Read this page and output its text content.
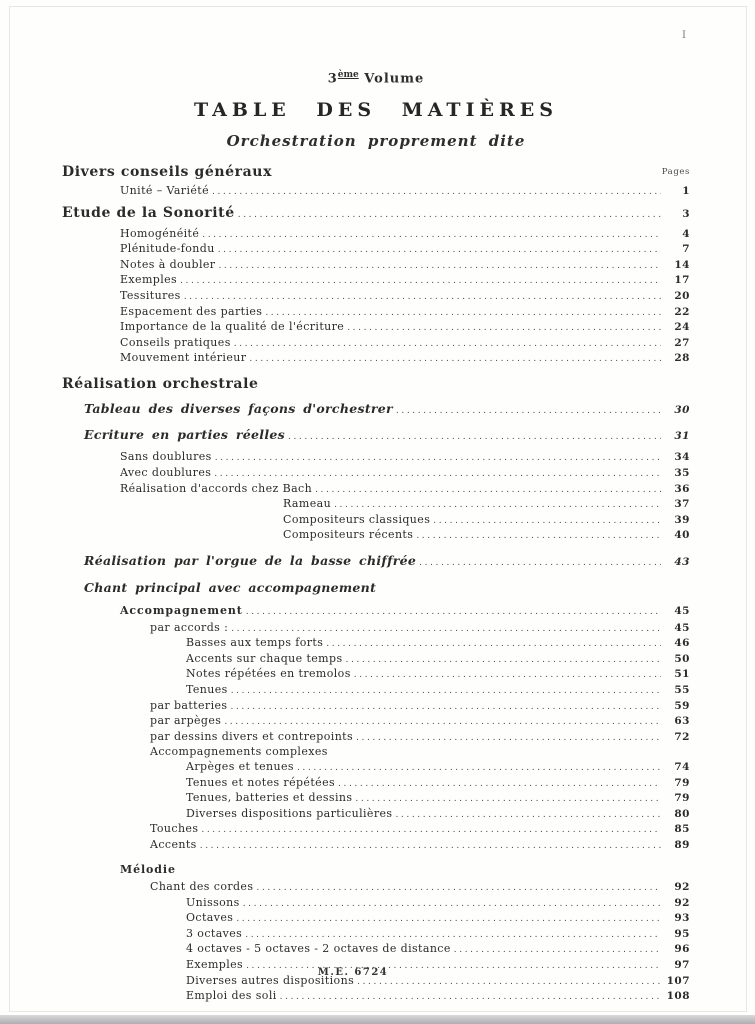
I
3ème Volume
TABLE DES MATIÈRES
Orchestration proprement dite
Divers conseils généraux	Pages
Unité – Variété .....	1
Etude de la Sonorité .....	3
Homogénéité .....	4
Plénitude-fondu .....	7
Notes à doubler .....	14
Exemples .....	17
Tessitures .....	20
Espacement des parties .....	22
Importance de la qualité de l'écriture .....	24
Conseils pratiques .....	27
Mouvement intérieur .....	28
Réalisation orchestrale
Tableau des diverses façons d'orchestrer .....	30
Ecriture en parties réelles .....	31
Sans doublures .....	34
Avec doublures .....	35
Réalisation d'accords chez Bach .....	36
Rameau .....	37
Compositeurs classiques .....	39
Compositeurs récents .....	40
Réalisation par l'orgue de la basse chiffrée .....	43
Chant principal avec accompagnement
Accompagnement .....	45
par accords : .....	45
Basses aux temps forts .....	46
Accents sur chaque temps .....	50
Notes répétées en tremolos .....	51
Tenues .....	55
par batteries .....	59
par arpèges .....	63
par dessins divers et contrepoints .....	72
Accompagnements complexes
Arpèges et tenues .....	74
Tenues et notes répétées .....	79
Tenues, batteries et dessins .....	79
Diverses dispositions particulières .....	80
Touches .....	85
Accents .....	89
Mélodie
Chant des cordes .....	92
Unissons .....	92
Octaves .....	93
3 octaves .....	95
4 octaves - 5 octaves - 2 octaves de distance .....	96
Exemples .....	97
Diverses autres dispositions .....	107
Emploi des soli .....	108
M.E. 6724
